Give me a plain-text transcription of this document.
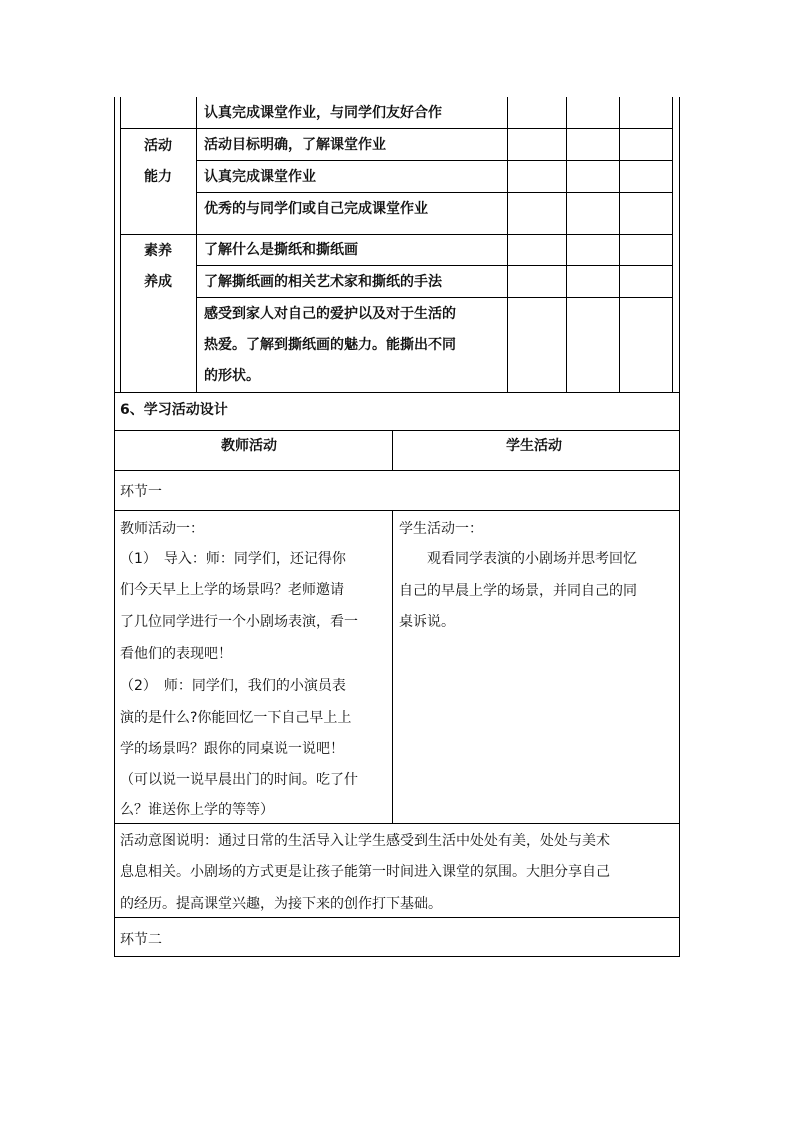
活动
能力
素养
养成
认真完成课堂作业，与同学们友好合作
活动目标明确，了解课堂作业
认真完成课堂作业
优秀的与同学们或自己完成课堂作业
了解什么是撕纸和撕纸画
了解撕纸画的相关艺术家和撕纸的手法
感受到家人对自己的爱护以及对于生活的
热爱。了解到撕纸画的魅力。能撕出不同
的形状。
6、学习活动设计
教师活动	学生活动
环节一
教师活动一：
（1）　导入：师：同学们，还记得你
们今天早上上学的场景吗？老师邀请
了几位同学进行一个小剧场表演，看一
看他们的表现吧！
（2）　师：同学们，我们的小演员表
演的是什么?你能回忆一下自己早上上
学的场景吗？跟你的同桌说一说吧！
（可以说一说早晨出门的时间。吃了什
么？谁送你上学的等等）
学生活动一：
　　观看同学表演的小剧场并思考回忆
自己的早晨上学的场景，并同自己的同
桌诉说。
活动意图说明：通过日常的生活导入让学生感受到生活中处处有美，处处与美术
息息相关。小剧场的方式更是让孩子能第一时间进入课堂的氛围。大胆分享自己
的经历。提高课堂兴趣，为接下来的创作打下基础。
环节二
